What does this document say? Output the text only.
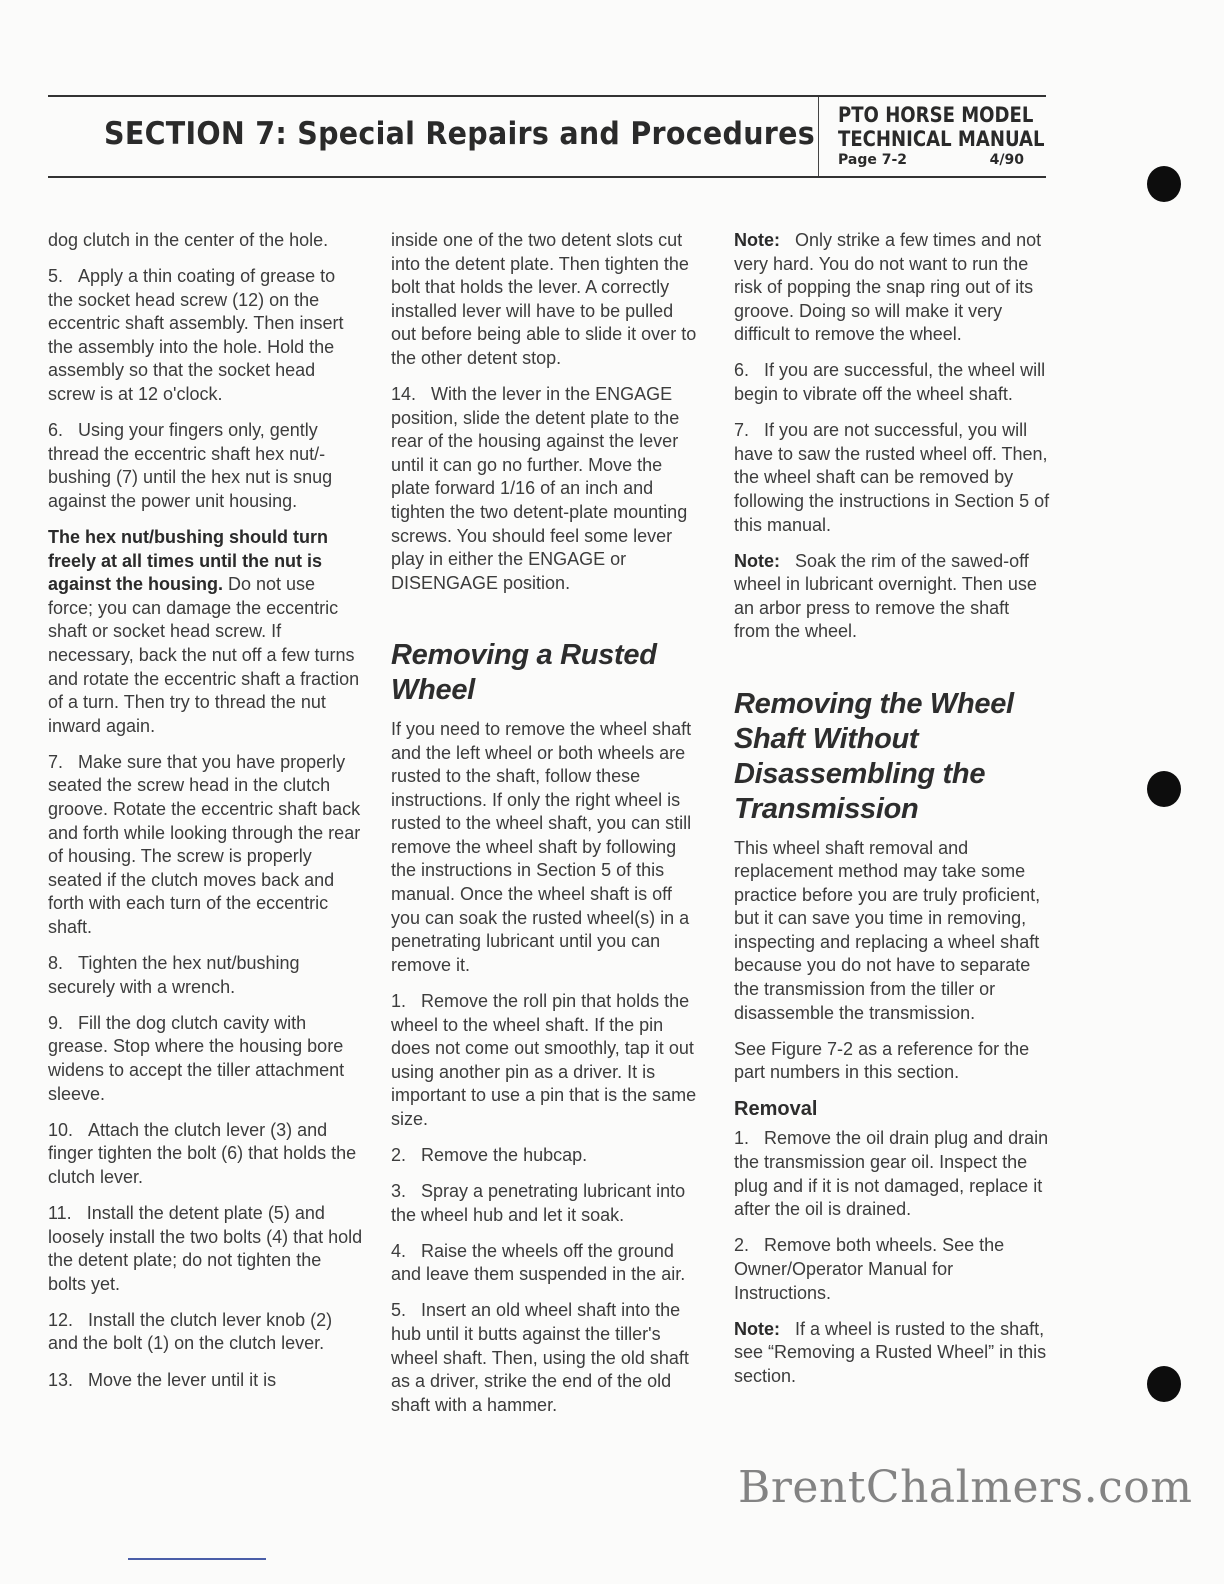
SECTION 7: Special Repairs and Procedures
PTO HORSE MODEL
TECHNICAL MANUAL
Page 7-2	4/90

dog clutch in the center of the hole.

5.   Apply a thin coating of grease to the socket head screw (12) on the eccentric shaft assembly. Then insert the assembly into the hole. Hold the assembly so that the socket head screw is at 12 o'clock.

6.   Using your fingers only, gently thread the eccentric shaft hex nut/-bushing (7) until the hex nut is snug against the power unit housing.

The hex nut/bushing should turn freely at all times until the nut is against the housing. Do not use force; you can damage the eccentric shaft or socket head screw. If necessary, back the nut off a few turns and rotate the eccentric shaft a fraction of a turn. Then try to thread the nut inward again.

7.   Make sure that you have properly seated the screw head in the clutch groove. Rotate the eccentric shaft back and forth while looking through the rear of housing. The screw is properly seated if the clutch moves back and forth with each turn of the eccentric shaft.

8.   Tighten the hex nut/bushing securely with a wrench.

9.   Fill the dog clutch cavity with grease. Stop where the housing bore widens to accept the tiller attachment sleeve.

10.   Attach the clutch lever (3) and finger tighten the bolt (6) that holds the clutch lever.

11.   Install the detent plate (5) and loosely install the two bolts (4) that hold the detent plate; do not tighten the bolts yet.

12.   Install the clutch lever knob (2) and the bolt (1) on the clutch lever.

13.   Move the lever until it is

inside one of the two detent slots cut into the detent plate. Then tighten the bolt that holds the lever. A correctly installed lever will have to be pulled out before being able to slide it over to the other detent stop.

14.   With the lever in the ENGAGE position, slide the detent plate to the rear of the housing against the lever until it can go no further. Move the plate forward 1/16 of an inch and tighten the two detent-plate mounting screws. You should feel some lever play in either the ENGAGE or DISENGAGE position.

Removing a Rusted Wheel

If you need to remove the wheel shaft and the left wheel or both wheels are rusted to the shaft, follow these instructions. If only the right wheel is rusted to the wheel shaft, you can still remove the wheel shaft by following the instructions in Section 5 of this manual. Once the wheel shaft is off you can soak the rusted wheel(s) in a penetrating lubricant until you can remove it.

1.   Remove the roll pin that holds the wheel to the wheel shaft. If the pin does not come out smoothly, tap it out using another pin as a driver. It is important to use a pin that is the same size.

2.   Remove the hubcap.

3.   Spray a penetrating lubricant into the wheel hub and let it soak.

4.   Raise the wheels off the ground and leave them suspended in the air.

5.   Insert an old wheel shaft into the hub until it butts against the tiller's wheel shaft. Then, using the old shaft as a driver, strike the end of the old shaft with a hammer.

Note:   Only strike a few times and not very hard. You do not want to run the risk of popping the snap ring out of its groove. Doing so will make it very difficult to remove the wheel.

6.   If you are successful, the wheel will begin to vibrate off the wheel shaft.

7.   If you are not successful, you will have to saw the rusted wheel off. Then, the wheel shaft can be removed by following the instructions in Section 5 of this manual.

Note:   Soak the rim of the sawed-off wheel in lubricant overnight. Then use an arbor press to remove the shaft from the wheel.

Removing the Wheel Shaft Without Disassembling the Transmission

This wheel shaft removal and replacement method may take some practice before you are truly proficient, but it can save you time in removing, inspecting and replacing a wheel shaft because you do not have to separate the transmission from the tiller or disassemble the transmission.

See Figure 7-2 as a reference for the part numbers in this section.

Removal

1.   Remove the oil drain plug and drain the transmission gear oil. Inspect the plug and if it is not damaged, replace it after the oil is drained.

2.   Remove both wheels. See the Owner/Operator Manual for Instructions.

Note:   If a wheel is rusted to the shaft, see “Removing a Rusted Wheel” in this section.

BrentChalmers.com
